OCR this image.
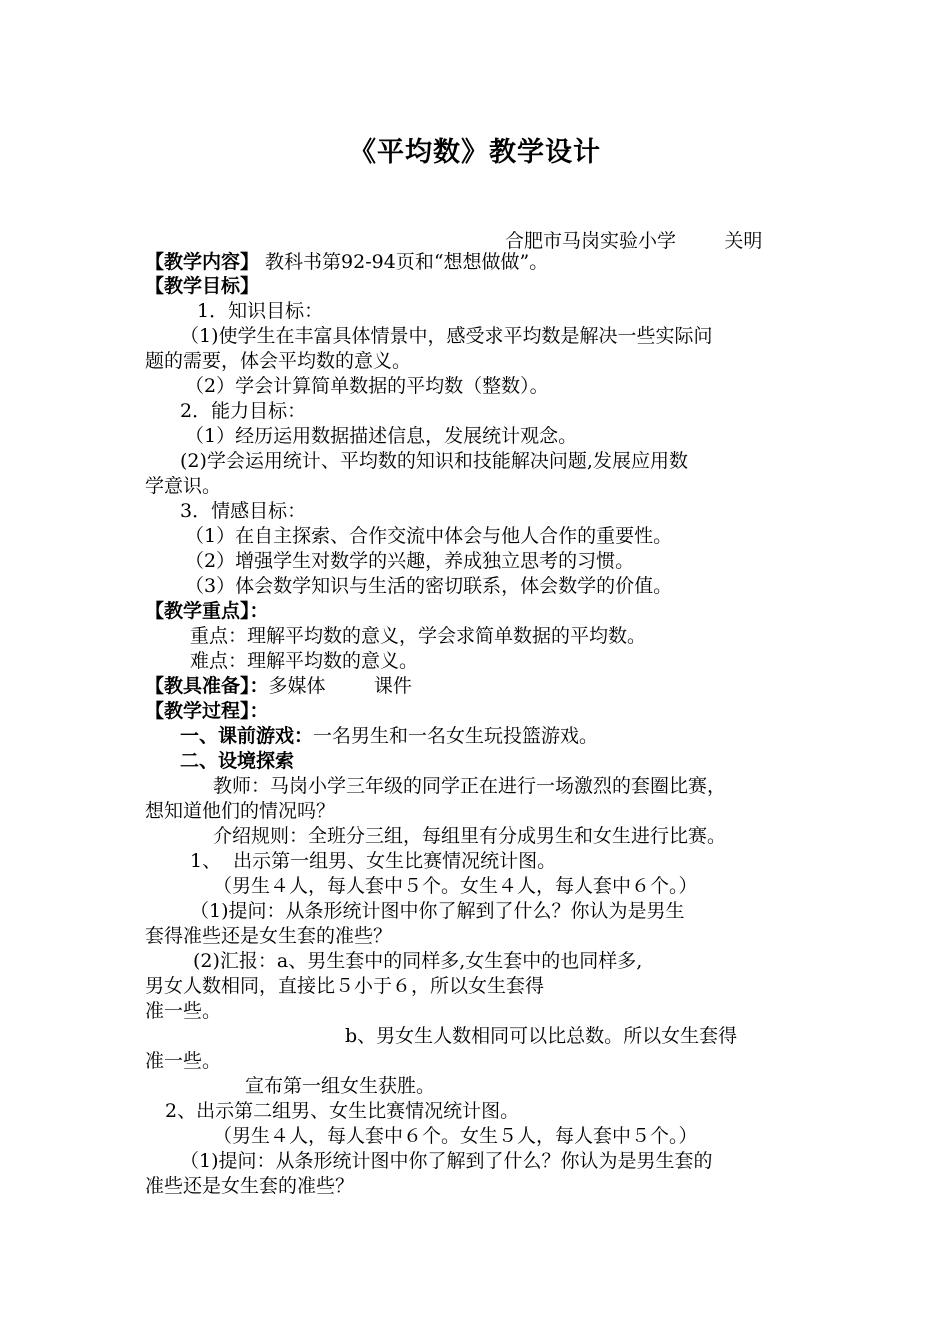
《平均数》教学设计
合肥市马岗实验小学        关明
【教学内容】 教科书第92-94页和“想想做做”。
【教学目标】
1．知识目标：
（1)使学生在丰富具体情景中，感受求平均数是解决一些实际问
题的需要，体会平均数的意义。
（2）学会计算简单数据的平均数（整数）。
2．能力目标：
（1）经历运用数据描述信息，发展统计观念。
(2)学会运用统计、平均数的知识和技能解决问题,发展应用数
学意识。
3．情感目标：
（1）在自主探索、合作交流中体会与他人合作的重要性。
（2）增强学生对数学的兴趣，养成独立思考的习惯。
（3）体会数学知识与生活的密切联系，体会数学的价值。
【教学重点】：
重点：理解平均数的意义，学会求简单数据的平均数。
难点：理解平均数的意义。
【教具准备】：多媒体        课件
【教学过程】：
一、课前游戏：一名男生和一名女生玩投篮游戏。
二、设境探索
教师：马岗小学三年级的同学正在进行一场激烈的套圈比赛，
想知道他们的情况吗？
介绍规则：全班分三组，每组里有分成男生和女生进行比赛。
1、  出示第一组男、女生比赛情况统计图。
（男生４人，每人套中５个。女生４人，每人套中６个。）
（1)提问：从条形统计图中你了解到了什么？你认为是男生
套得准些还是女生套的准些？
(2)汇报：a、男生套中的同样多,女生套中的也同样多,
男女人数相同，直接比５小于６，所以女生套得
准一些。
b、男女生人数相同可以比总数。所以女生套得
准一些。
宣布第一组女生获胜。
2、出示第二组男、女生比赛情况统计图。
（男生４人，每人套中６个。女生５人，每人套中５个。）
（1)提问：从条形统计图中你了解到了什么？你认为是男生套的
准些还是女生套的准些？
